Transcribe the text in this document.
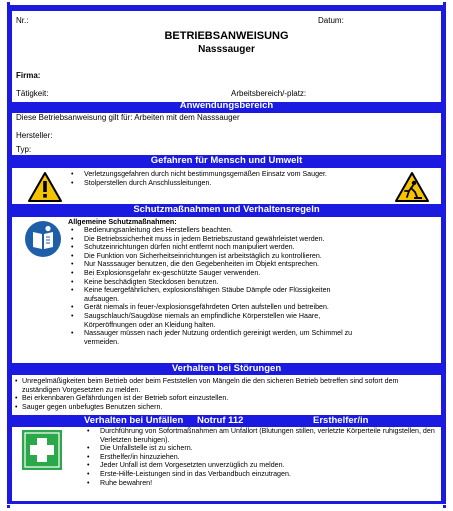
Nr.:	Datum:
BETRIEBSANWEISUNG
Nasssauger
Firma:
Tätigkeit:	Arbeitsbereich/-platz:
Anwendungsbereich
Diese Betriebsanweisung gilt für: Arbeiten mit dem Nasssauger
Hersteller:
Typ:
Gefahren für Mensch und Umwelt
• Verletzungsgefahren durch nicht bestimmungsgemäßen Einsatz vom Sauger.
• Stolperstellen durch Anschlussleitungen.
Schutzmaßnahmen und Verhaltensregeln
Allgemeine Schutzmaßnahmen:
• Bedienungsanleitung des Herstellers beachten.
• Die Betriebssicherheit muss in jedem Betriebszustand gewährleistet werden.
• Schutzeinrichtungen dürfen nicht entfernt noch manipuliert werden.
• Die Funktion von Sicherheitseinrichtungen ist arbeitstäglich zu kontrollieren.
• Nur Nasssauger benutzen, die den Gegebenheiten im Objekt entsprechen.
• Bei Explosionsgefahr ex-geschützte Sauger verwenden.
• Keine beschädigten Steckdosen benutzen.
• Keine feuergefährlichen, explosionsfähigen Stäube Dämpfe oder Flüssigkeiten aufsaugen.
• Gerät niemals in feuer-/explosionsgefährdeten Orten aufstellen und betreiben.
• Saugschlauch/Saugdüse niemals an empfindliche Körperstellen wie Haare, Körperöffnungen oder an Kleidung halten.
• Nassauger müssen nach jeder Nutzung ordentlich gereinigt werden, um Schimmel zu vermeiden.
Verhalten bei Störungen
• Unregelmäßigkeiten beim Betrieb oder beim Feststellen von Mängeln die den sicheren Betrieb betreffen sind sofort dem zuständigen Vorgesetzten zu melden.
• Bei erkennbaren Gefährdungen ist der Betrieb sofort einzustellen.
• Sauger gegen unbefugtes Benutzen sichern.
Verhalten bei Unfällen Notruf 112	Ersthelfer/in
• Durchführung von Sofortmaßnahmen am Unfallort (Blutungen stillen, verletzte Körperteile ruhigstellen, den Verletzten beruhigen).
• Die Unfallstelle ist zu sichern.
• Ersthelfer/in hinzuziehen.
• Jeder Unfall ist dem Vorgesetzten unverzüglich zu melden.
• Erste-Hilfe-Leistungen sind in das Verbandbuch einzutragen.
• Ruhe bewahren!
